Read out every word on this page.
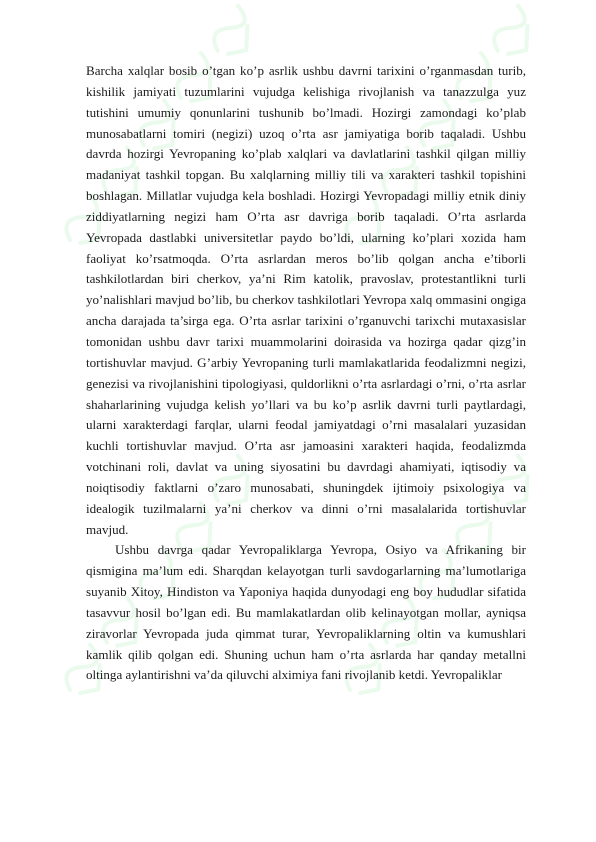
Barcha xalqlar bosib o’tgan ko’p asrlik ushbu davrni tarixini o’rganmasdan turib, kishilik jamiyati tuzumlarini vujudga kelishiga rivojlanish va tanazzulga yuz tutishini umumiy qonunlarini tushunib bo’lmadi. Hozirgi zamondagi ko’plab munosabatlarni tomiri (negizi) uzoq o’rta asr jamiyatiga borib taqaladi. Ushbu davrda hozirgi Yevropaning ko’plab xalqlari va davlatlarini tashkil qilgan milliy madaniyat tashkil topgan. Bu xalqlarning milliy tili va xarakteri tashkil topishini boshlagan. Millatlar vujudga kela boshladi. Hozirgi Yevropadagi milliy etnik diniy ziddiyatlarning negizi ham O’rta asr davriga borib taqaladi. O’rta asrlarda Yevropada dastlabki universitetlar paydo bo’ldi, ularning ko’plari xozida ham faoliyat ko’rsatmoqda. O’rta asrlardan meros bo’lib qolgan ancha e’tiborli tashkilotlardan biri cherkov, ya’ni Rim katolik, pravoslav, protestantlikni turli yo’nalishlari mavjud bo’lib, bu cherkov tashkilotlari Yevropa xalq ommasini ongiga ancha darajada ta’sirga ega. O’rta asrlar tarixini o’rganuvchi tarixchi mutaxasislar tomonidan ushbu davr tarixi muammolarini doirasida va hozirga qadar qizg’in tortishuvlar mavjud. G’arbiy Yevropaning turli mamlakatlarida feodalizmni negizi, genezisi va rivojlanishini tipologiyasi, quldorlikni o’rta asrlardagi o’rni, o’rta asrlar shaharlarining vujudga kelish yo’llari va bu ko’p asrlik davrni turli paytlardagi, ularni xarakterdagi farqlar, ularni feodal jamiyatdagi o’rni masalalari yuzasidan kuchli tortishuvlar mavjud. O’rta asr jamoasini xarakteri haqida, feodalizmda votchinani roli, davlat va uning siyosatini bu davrdagi ahamiyati, iqtisodiy va noiqtisodiy faktlarni o’zaro munosabati, shuningdek ijtimoiy psixologiya va idealogik tuzilmalarni ya’ni cherkov va dinni o’rni masalalarida tortishuvlar mavjud.

Ushbu davrga qadar Yevropaliklarga Yevropa, Osiyo va Afrikaning bir qismigina ma’lum edi. Sharqdan kelayotgan turli savdogarlarning ma’lumotlariga suyanib Xitoy, Hindiston va Yaponiya haqida dunyodagi eng boy hududlar sifatida tasavvur hosil bo’lgan edi. Bu mamlakatlardan olib kelinayotgan mollar, ayniqsa ziravorlar Yevropada juda qimmat turar, Yevropaliklarning oltin va kumushlari kamlik qilib qolgan edi. Shuning uchun ham o’rta asrlarda har qanday metallni oltinga aylantirishni va’da qiluvchi alximiya fani rivojlanib ketdi. Yevropaliklar
